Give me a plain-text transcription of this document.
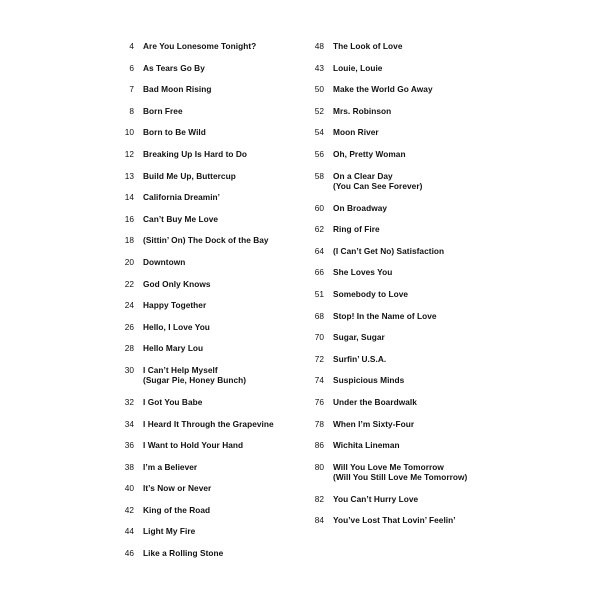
4	Are You Lonesome Tonight?
6	As Tears Go By
7	Bad Moon Rising
8	Born Free
10	Born to Be Wild
12	Breaking Up Is Hard to Do
13	Build Me Up, Buttercup
14	California Dreamin’
16	Can’t Buy Me Love
18	(Sittin’ On) The Dock of the Bay
20	Downtown
22	God Only Knows
24	Happy Together
26	Hello, I Love You
28	Hello Mary Lou
30	I Can’t Help Myself
(Sugar Pie, Honey Bunch)
32	I Got You Babe
34	I Heard It Through the Grapevine
36	I Want to Hold Your Hand
38	I’m a Believer
40	It’s Now or Never
42	King of the Road
44	Light My Fire
46	Like a Rolling Stone
48	The Look of Love
43	Louie, Louie
50	Make the World Go Away
52	Mrs. Robinson
54	Moon River
56	Oh, Pretty Woman
58	On a Clear Day
(You Can See Forever)
60	On Broadway
62	Ring of Fire
64	(I Can’t Get No) Satisfaction
66	She Loves You
51	Somebody to Love
68	Stop! In the Name of Love
70	Sugar, Sugar
72	Surfin’ U.S.A.
74	Suspicious Minds
76	Under the Boardwalk
78	When I’m Sixty-Four
86	Wichita Lineman
80	Will You Love Me Tomorrow
(Will You Still Love Me Tomorrow)
82	You Can’t Hurry Love
84	You’ve Lost That Lovin’ Feelin’
